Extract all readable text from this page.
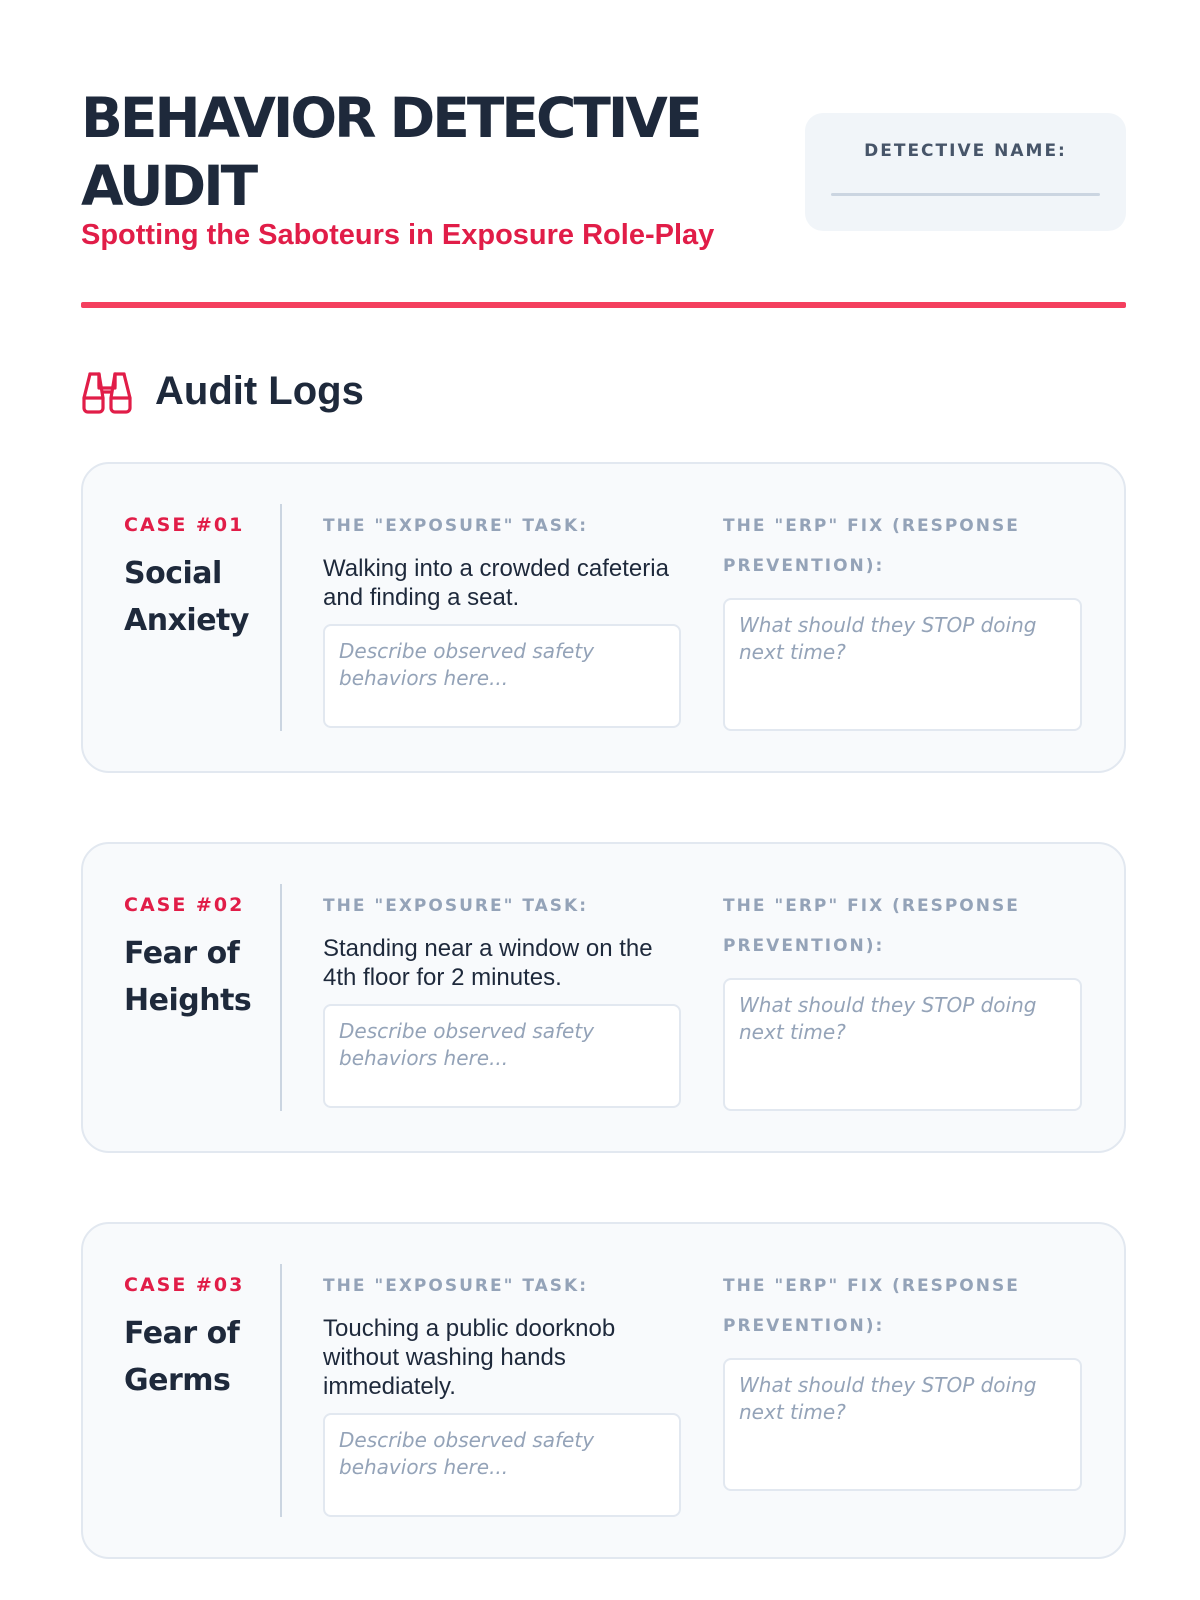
BEHAVIOR DETECTIVE AUDIT
Spotting the Saboteurs in Exposure Role-Play
DETECTIVE NAME:
Audit Logs
CASE #01
Social Anxiety
THE "EXPOSURE" TASK:
Walking into a crowded cafeteria and finding a seat.
Describe observed safety behaviors here...
THE "ERP" FIX (RESPONSE PREVENTION):
What should they STOP doing next time?
CASE #02
Fear of Heights
THE "EXPOSURE" TASK:
Standing near a window on the 4th floor for 2 minutes.
Describe observed safety behaviors here...
THE "ERP" FIX (RESPONSE PREVENTION):
What should they STOP doing next time?
CASE #03
Fear of Germs
THE "EXPOSURE" TASK:
Touching a public doorknob without washing hands immediately.
Describe observed safety behaviors here...
THE "ERP" FIX (RESPONSE PREVENTION):
What should they STOP doing next time?
